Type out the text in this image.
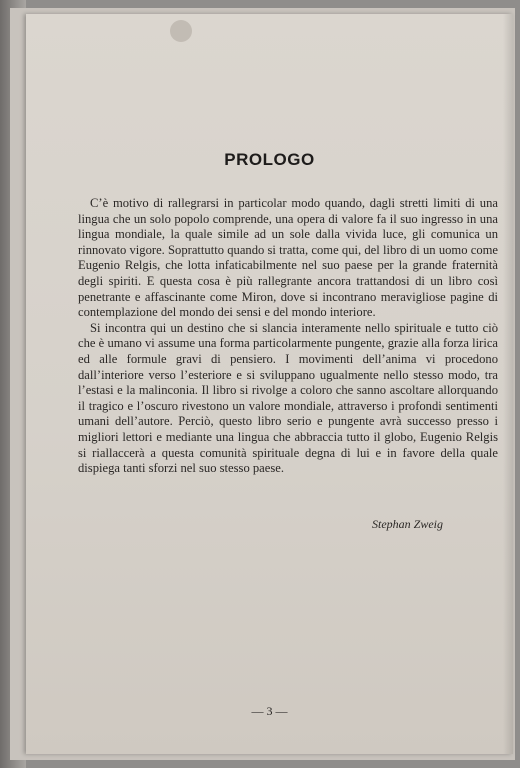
PROLOGO

C’è motivo di rallegrarsi in particolar modo quando, dagli stretti limiti di una lingua che un solo popolo comprende, una opera di valore fa il suo ingresso in una lingua mondiale, la quale simile ad un sole dalla vivida luce, gli comunica un rinnovato vigore. Soprattutto quando si tratta, come qui, del libro di un uomo come Eugenio Relgis, che lotta infaticabilmente nel suo paese per la grande fraternità degli spiriti. E questa cosa è più rallegrante ancora trattandosi di un libro così penetrante e affascinante come Miron, dove si incontrano meravigliose pagine di contemplazione del mondo dei sensi e del mondo interiore.

Si incontra qui un destino che si slancia interamente nello spirituale e tutto ciò che è umano vi assume una forma particolarmente pungente, grazie alla forza lirica ed alle formule gravi di pensiero. I movimenti dell’anima vi procedono dall’interiore verso l’esteriore e si sviluppano ugualmente nello stesso modo, tra l’estasi e la malinconia. Il libro si rivolge a coloro che sanno ascoltare allorquando il tragico e l’oscuro rivestono un valore mondiale, attraverso i profondi sentimenti umani dell’autore. Perciò, questo libro serio e pungente avrà successo presso i migliori lettori e mediante una lingua che abbraccia tutto il globo, Eugenio Relgis si riallaccerà a questa comunità spirituale degna di lui e in favore della quale dispiega tanti sforzi nel suo stesso paese.

Stephan Zweig
— 3 —
